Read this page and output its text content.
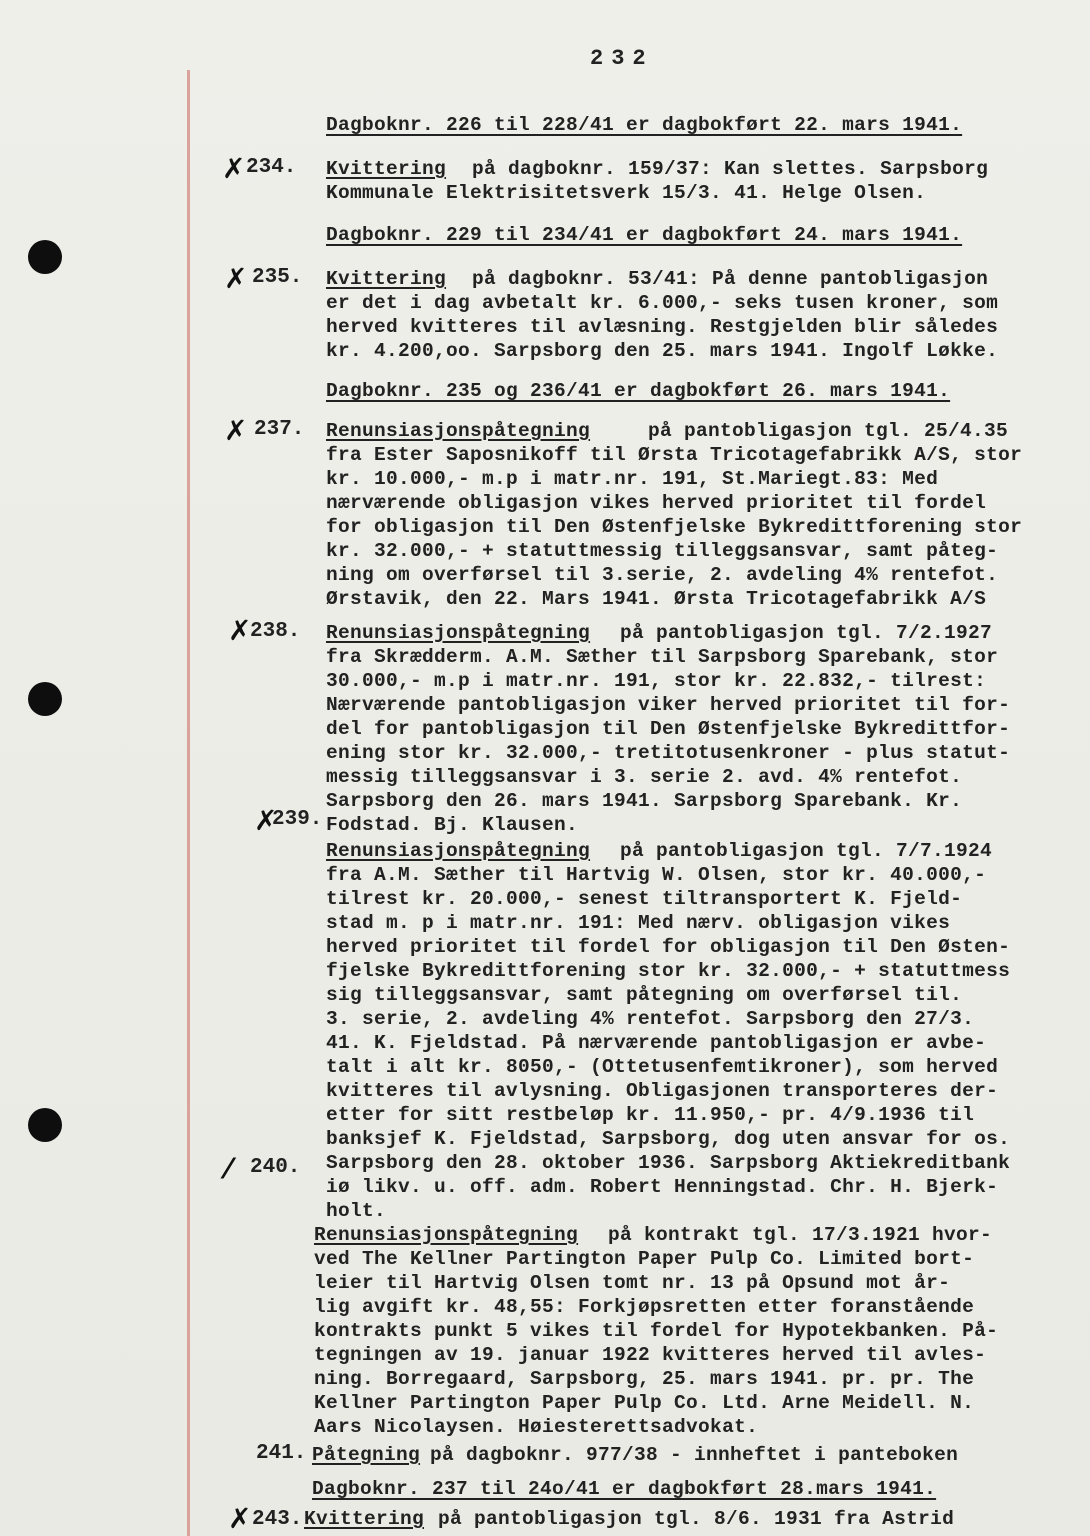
232
Dagboknr. 226 til 228/41 er dagbokført 22. mars 1941.
✗ 234. Kvittering på dagboknr. 159/37: Kan slettes. Sarpsborg
Kommunale Elektrisitetsverk 15/3. 41. Helge Olsen.
Dagboknr. 229 til 234/41 er dagbokført 24. mars 1941.
✗ 235. Kvittering på dagboknr. 53/41: På denne pantobligasjon
er det i dag avbetalt kr. 6.000,- seks tusen kroner, som
herved kvitteres til avlæsning. Restgjelden blir således
kr. 4.200,oo. Sarpsborg den 25. mars 1941. Ingolf Løkke.
Dagboknr. 235 og 236/41 er dagbokført 26. mars 1941.
✗ 237. Renunsiasjonspåtegning	på pantobligasjon tgl. 25/4.35
fra Ester Saposnikoff til Ørsta Tricotagefabrikk A/S, stor
kr. 10.000,- m.p i matr.nr. 191, St.Mariegt.83: Med
nærværende obligasjon vikes herved prioritet til fordel
for obligasjon til Den Østenfjelske Bykredittforening stor
kr. 32.000,- + statuttmessig tilleggsansvar, samt påteg-
ning om overførsel til 3.serie, 2. avdeling 4% rentefot.
Ørstavik, den 22. Mars 1941. Ørsta Tricotagefabrikk A/S
✗
238. Renunsiasjonspåtegning på pantobligasjon tgl. 7/2.1927
fra Skrædderm. A.M. Sæther til Sarpsborg Sparebank, stor
30.000,- m.p i matr.nr. 191, stor kr. 22.832,- tilrest:
Nærværende pantobligasjon viker herved prioritet til for-
del for pantobligasjon til Den Østenfjelske Bykredittfor-
ening stor kr. 32.000,- tretitotusenkroner - plus statut-
messig tilleggsansvar i 3. serie 2. avd. 4% rentefot.
Sarpsborg den 26. mars 1941. Sarpsborg Sparebank. Kr.
Fodstad. Bj. Klausen.
✗
239.
Renunsiasjonspåtegning på pantobligasjon tgl. 7/7.1924
fra A.M. Sæther til Hartvig W. Olsen, stor kr. 40.000,-
tilrest kr. 20.000,- senest tiltransportert K. Fjeld-
stad m. p i matr.nr. 191: Med nærv. obligasjon vikes
herved prioritet til fordel for obligasjon til Den Østen-
fjelske Bykredittforening stor kr. 32.000,- + statuttmess
sig tilleggsansvar, samt påtegning om overførsel til.
3. serie, 2. avdeling 4% rentefot. Sarpsborg den 27/3.
41. K. Fjeldstad. På nærværende pantobligasjon er avbe-
talt i alt kr. 8050,- (Ottetusenfemtikroner), som herved
kvitteres til avlysning. Obligasjonen transporteres der-
etter for sitt restbeløp kr. 11.950,- pr. 4/9.1936 til
banksjef K. Fjeldstad, Sarpsborg, dog uten ansvar for os.
Sarpsborg den 28. oktober 1936. Sarpsborg Aktiekreditbank
iø likv. u. off. adm. Robert Henningstad. Chr. H. Bjerk-
holt.
⁄ 240.
Renunsiasjonspåtegning på kontrakt tgl. 17/3.1921 hvor-
ved The Kellner Partington Paper Pulp Co. Limited bort-
leier til Hartvig Olsen tomt nr. 13 på Opsund mot år-
lig avgift kr. 48,55: Forkjøpsretten etter foranstående
kontrakts punkt 5 vikes til fordel for Hypotekbanken. På-
tegningen av 19. januar 1922 kvitteres herved til avles-
ning. Borregaard, Sarpsborg, 25. mars 1941. pr. pr. The
Kellner Partington Paper Pulp Co. Ltd. Arne Meidell. N.
Aars Nicolaysen. Høiesterettsadvokat.
241. Påtegning på dagboknr. 977/38 - innheftet i panteboken
Dagboknr. 237 til 24o/41 er dagbokført 28.mars 1941.
✗ 243. Kvittering på pantobligasjon tgl. 8/6. 1931 fra Astrid
